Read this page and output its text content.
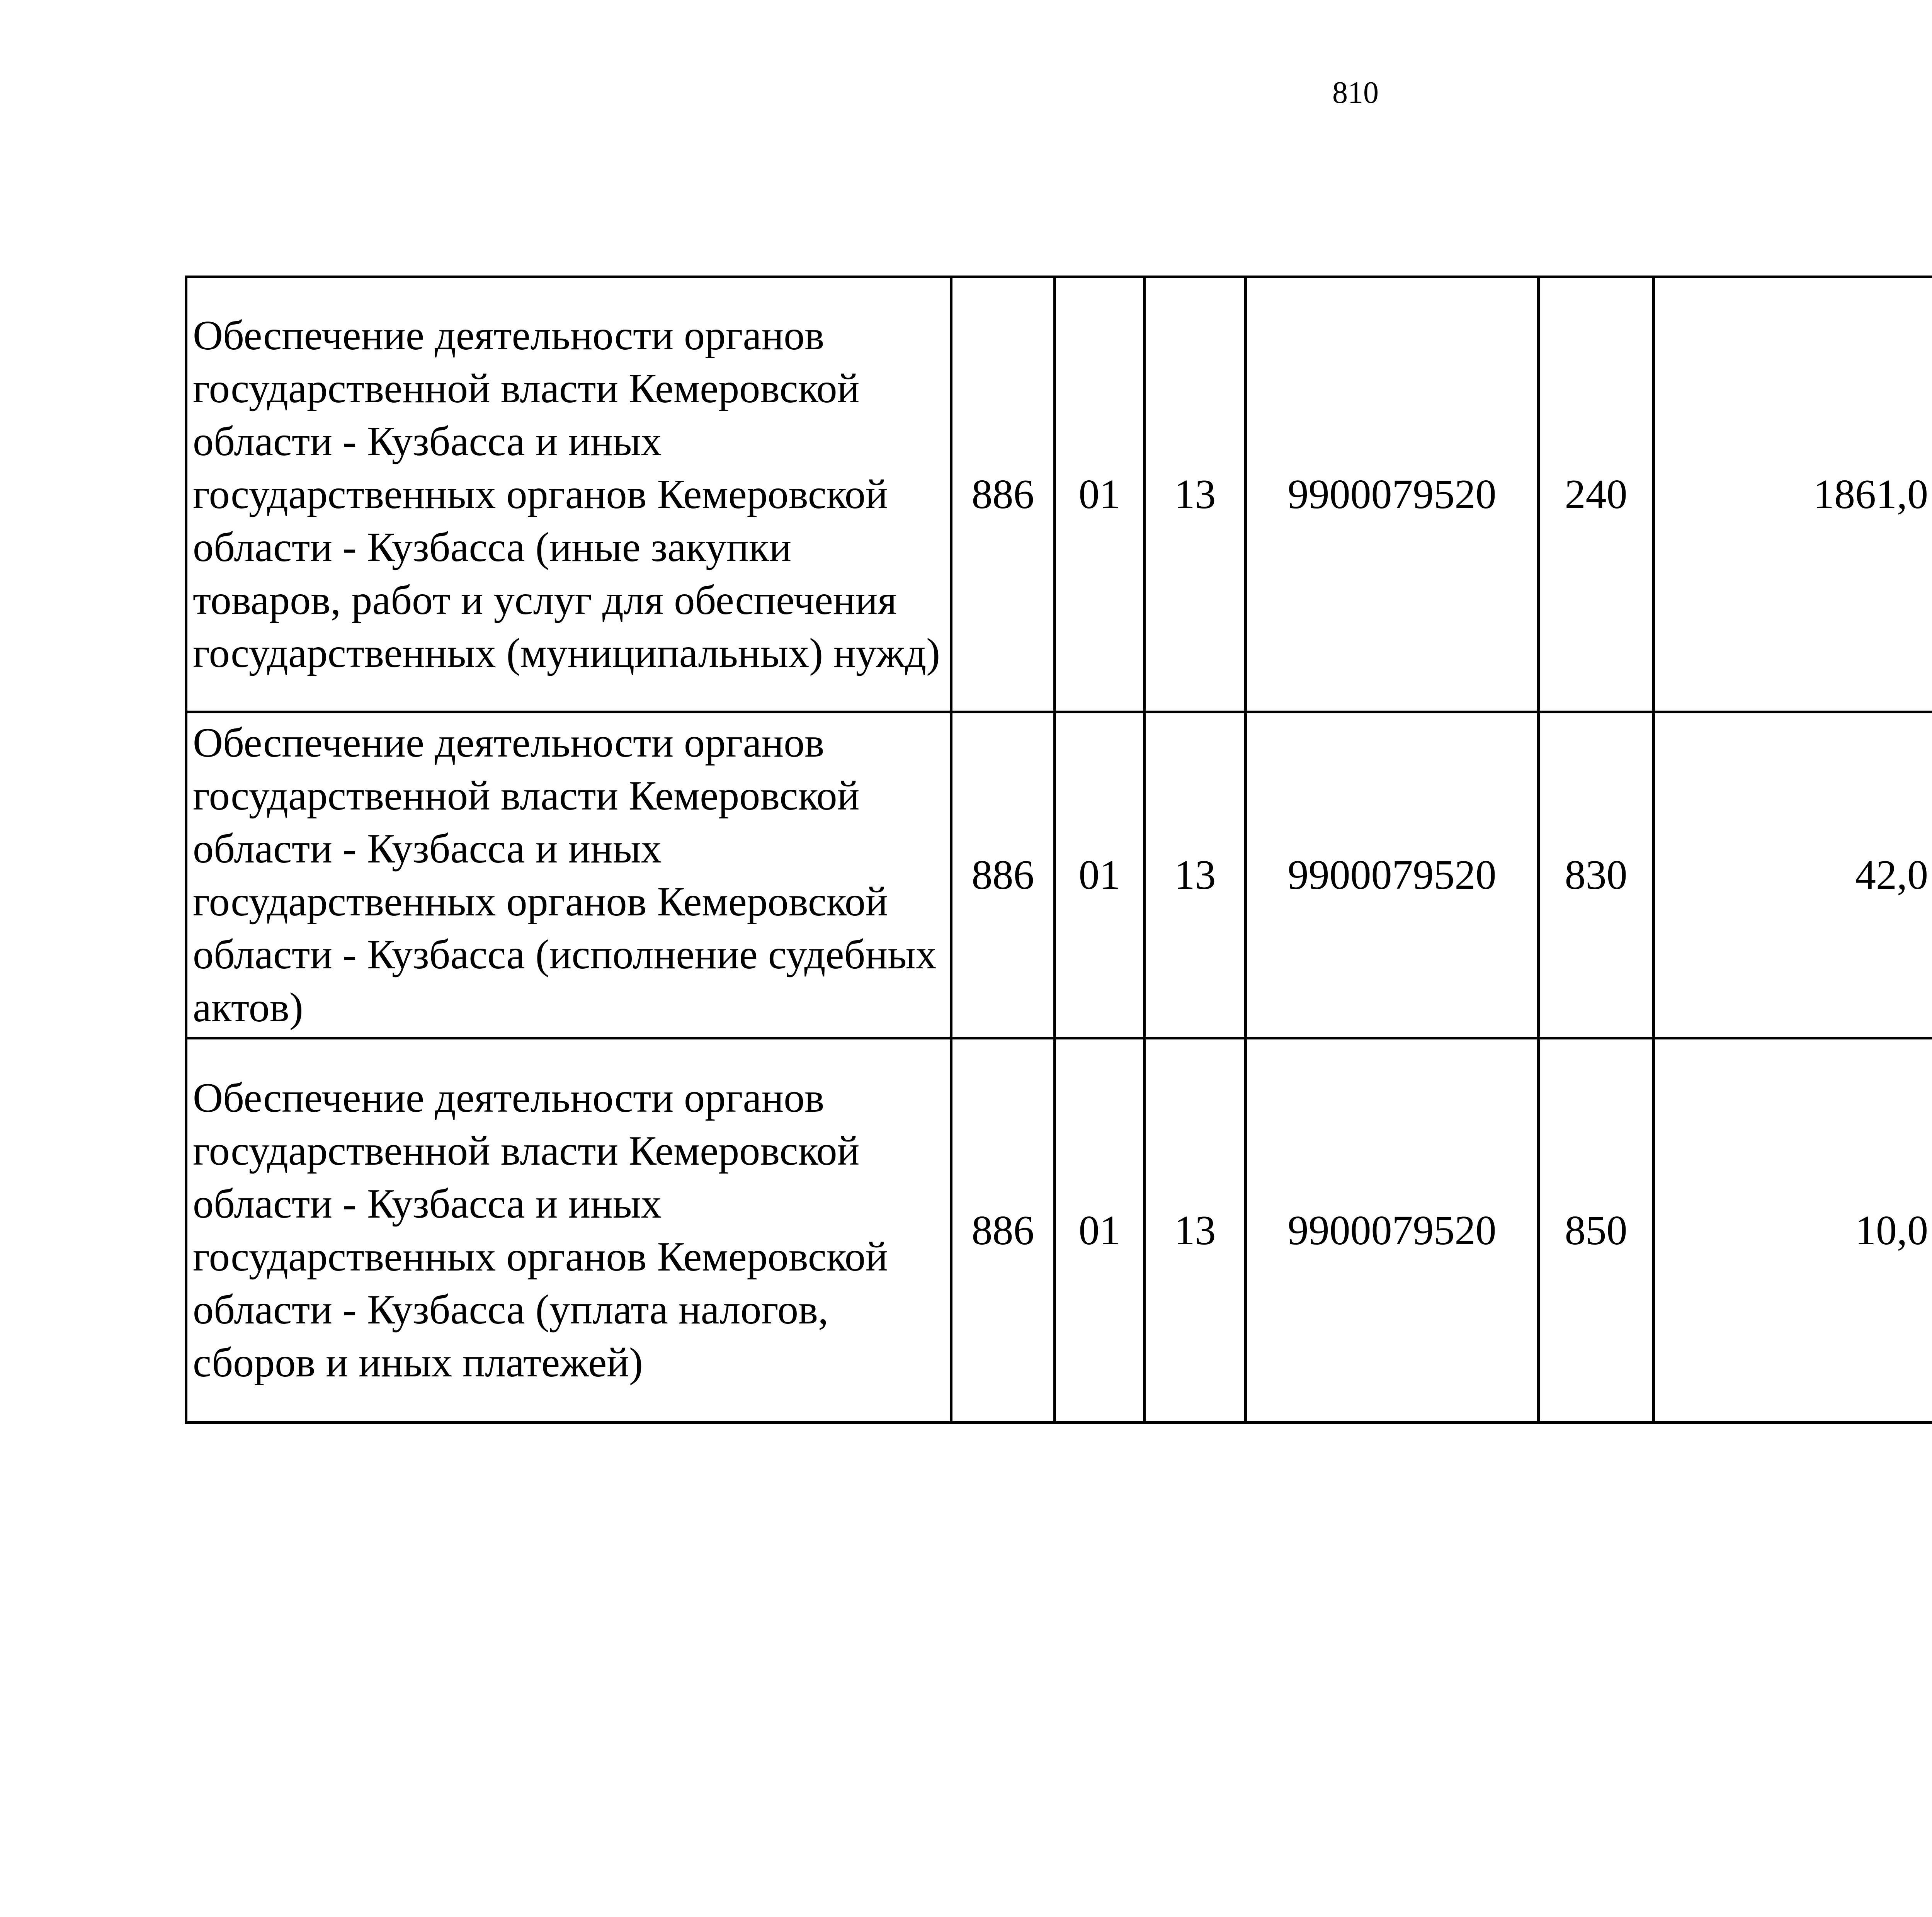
810
Обеспечение деятельности органов государственной власти Кемеровской области - Кузбасса и иных государственных органов Кемеровской области - Кузбасса (иные закупки товаров, работ и услуг для обеспечения государственных (муниципальных) нужд)	886	01	13	9900079520	240	1861,0		
Обеспечение деятельности органов государственной власти Кемеровской области - Кузбасса и иных государственных органов Кемеровской области - Кузбасса (исполнение судебных актов)	886	01	13	9900079520	830	42,0		
Обеспечение деятельности органов государственной власти Кемеровской области - Кузбасса и иных государственных органов Кемеровской области - Кузбасса (уплата налогов, сборов и иных платежей)	886	01	13	9900079520	850	10,0		
